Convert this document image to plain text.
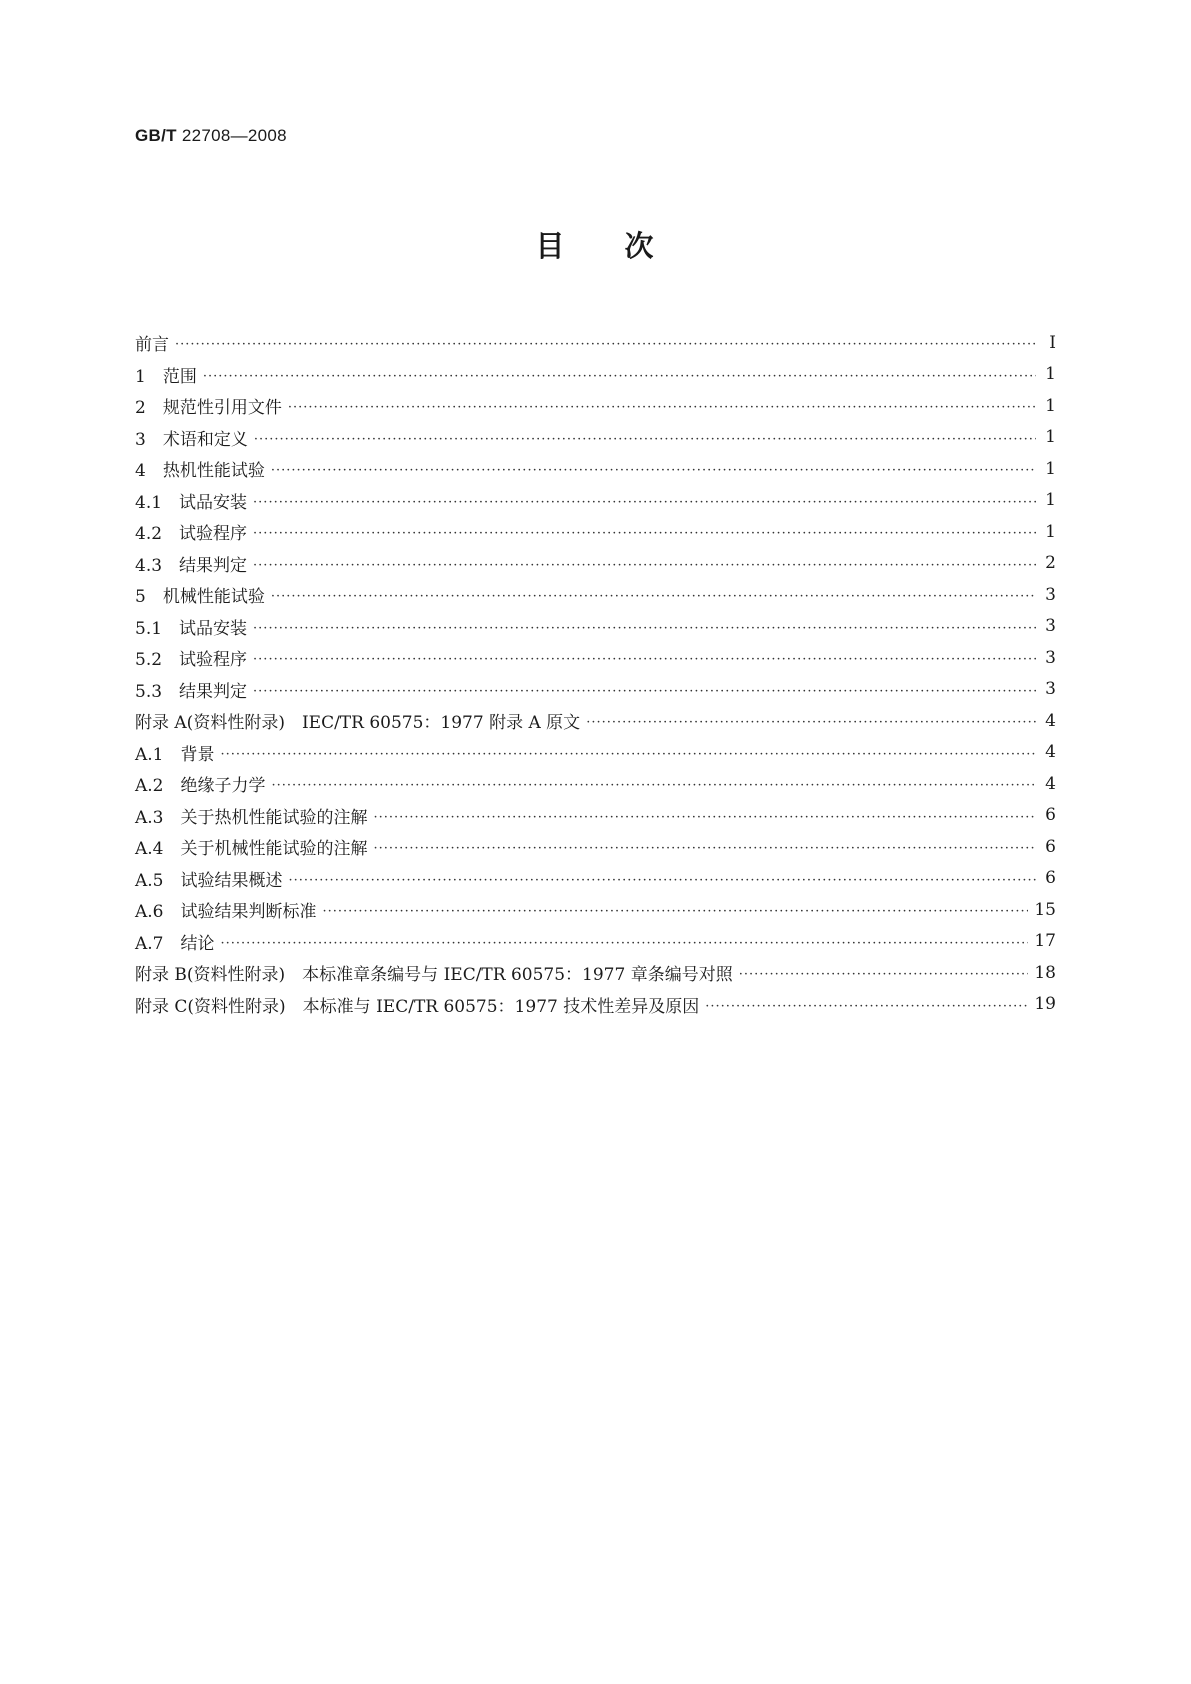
GB/T 22708—2008
目 次
前言 ·····	Ⅰ
1　范围 ·····	1
2　规范性引用文件 ·····	1
3　术语和定义 ·····	1
4　热机性能试验 ·····	1
4.1　试品安装 ·····	1
4.2　试验程序 ·····	1
4.3　结果判定 ·····	2
5　机械性能试验 ·····	3
5.1　试品安装 ·····	3
5.2　试验程序 ·····	3
5.3　结果判定 ·····	3
附录 A(资料性附录)　IEC/TR 60575：1977 附录 A 原文 ·····	4
A.1　背景 ·····	4
A.2　绝缘子力学 ·····	4
A.3　关于热机性能试验的注解 ·····	6
A.4　关于机械性能试验的注解 ·····	6
A.5　试验结果概述 ·····	6
A.6　试验结果判断标准 ·····	15
A.7　结论 ·····	17
附录 B(资料性附录)　本标准章条编号与 IEC/TR 60575：1977 章条编号对照 ·····	18
附录 C(资料性附录)　本标准与 IEC/TR 60575：1977 技术性差异及原因 ·····	19
